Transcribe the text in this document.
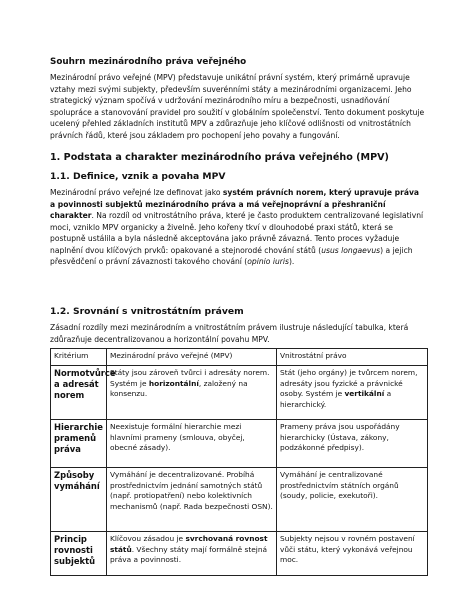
Souhrn mezinárodního práva veřejného
Mezinárodní právo veřejné (MPV) představuje unikátní právní systém, který primárně upravuje vztahy mezi svými subjekty, především suverénními státy a mezinárodními organizacemi. Jeho strategický význam spočívá v udržování mezinárodního míru a bezpečnosti, usnadňování spolupráce a stanovování pravidel pro soužití v globálním společenství. Tento dokument poskytuje ucelený přehled základních institutů MPV a zdůrazňuje jeho klíčové odlišnosti od vnitrostátních právních řádů, které jsou základem pro pochopení jeho povahy a fungování.
1. Podstata a charakter mezinárodního práva veřejného (MPV)
1.1. Definice, vznik a povaha MPV
Mezinárodní právo veřejné lze definovat jako systém právních norem, který upravuje práva a povinnosti subjektů mezinárodního práva a má veřejnoprávní a přeshraniční charakter. Na rozdíl od vnitrostátního práva, které je často produktem centralizované legislativní moci, vzniklo MPV organicky a živelně. Jeho kořeny tkví v dlouhodobé praxi států, která se postupně ustálila a byla následně akceptována jako právně závazná. Tento proces vyžaduje naplnění dvou klíčových prvků: opakované a stejnorodé chování států (usus longaevus) a jejich přesvědčení o právní závaznosti takového chování (opinio iuris).
1.2. Srovnání s vnitrostátním právem
Zásadní rozdíly mezi mezinárodním a vnitrostátním právem ilustruje následující tabulka, která zdůrazňuje decentralizovanou a horizontální povahu MPV.
Kritérium	Mezinárodní právo veřejné (MPV)	Vnitrostátní právo
Normotvůrce a adresát norem	Státy jsou zároveň tvůrci i adresáty norem. Systém je horizontální, založený na konsenzu.	Stát (jeho orgány) je tvůrcem norem, adresáty jsou fyzické a právnické osoby. Systém je vertikální a hierarchický.
Hierarchie pramenů práva	Neexistuje formální hierarchie mezi hlavními prameny (smlouva, obyčej, obecné zásady).	Prameny práva jsou uspořádány hierarchicky (Ústava, zákony, podzákonné předpisy).
Způsoby vymáhání	Vymáhání je decentralizované. Probíhá prostřednictvím jednání samotných států (např. protiopatření) nebo kolektivních mechanismů (např. Rada bezpečnosti OSN).	Vymáhání je centralizované prostřednictvím státních orgánů (soudy, policie, exekutoři).
Princip rovnosti subjektů	Klíčovou zásadou je svrchovaná rovnost států. Všechny státy mají formálně stejná práva a povinnosti.	Subjekty nejsou v rovném postavení vůči státu, který vykonává veřejnou moc.
